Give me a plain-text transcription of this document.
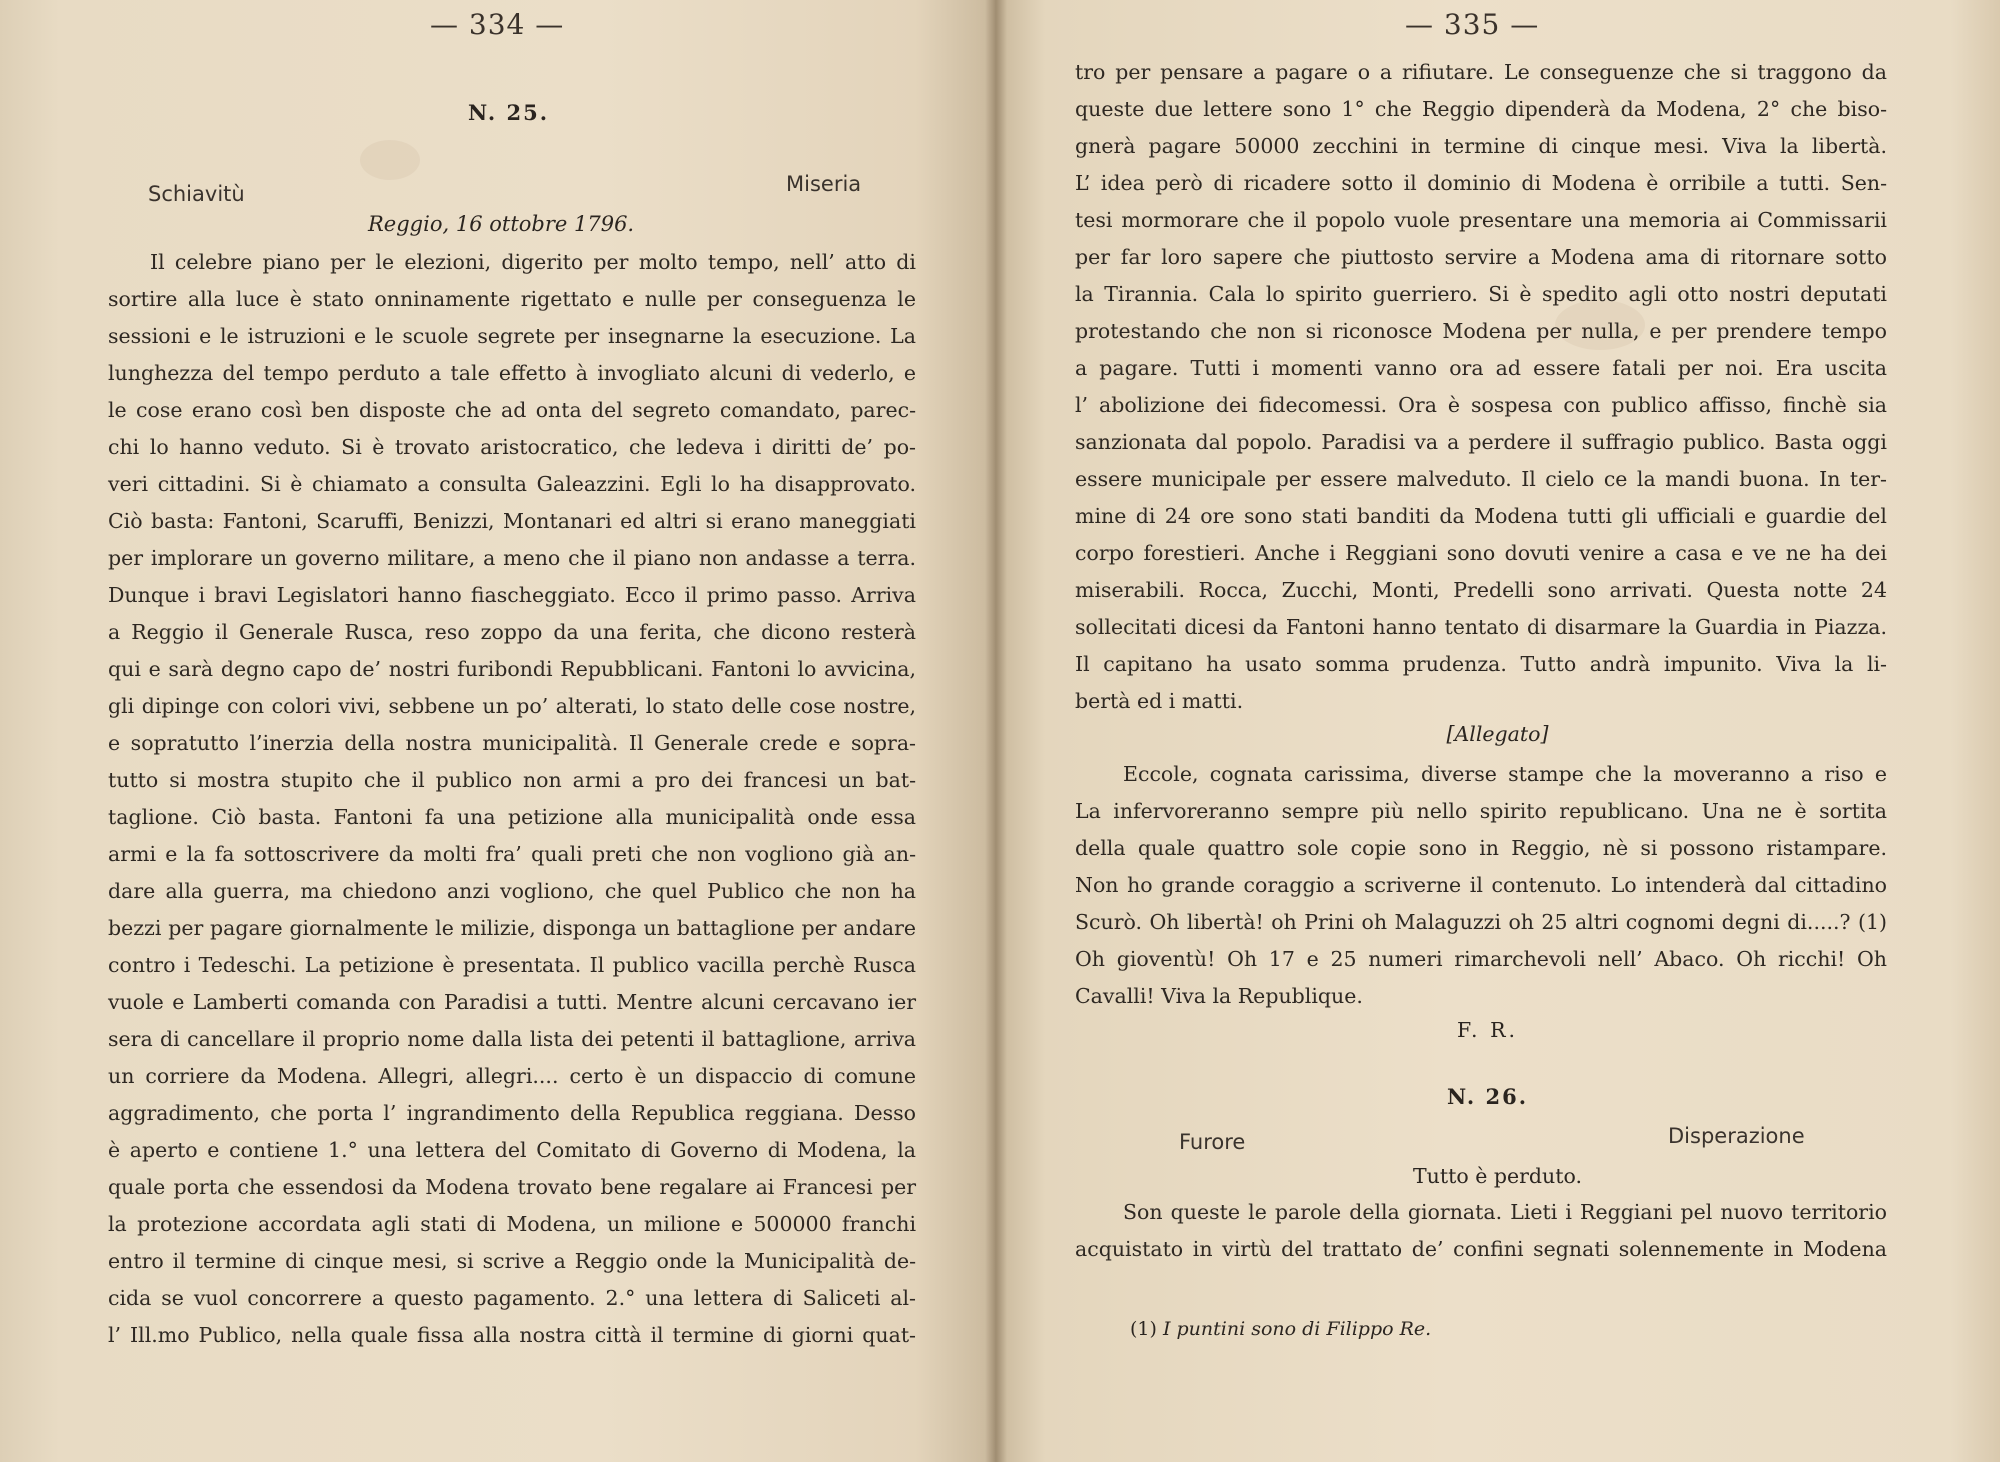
— 334 —
N. 25.
Schiavitù	Miseria
Reggio, 16 ottobre 1796.
Il celebre piano per le elezioni, digerito per molto tempo, nell’ atto di
sortire alla luce è stato onninamente rigettato e nulle per conseguenza le
sessioni e le istruzioni e le scuole segrete per insegnarne la esecuzione. La
lunghezza del tempo perduto a tale effetto à invogliato alcuni di vederlo, e
le cose erano così ben disposte che ad onta del segreto comandato, parec-
chi lo hanno veduto. Si è trovato aristocratico, che ledeva i diritti de’ po-
veri cittadini. Si è chiamato a consulta Galeazzini. Egli lo ha disapprovato.
Ciò basta: Fantoni, Scaruffi, Benizzi, Montanari ed altri si erano maneggiati
per implorare un governo militare, a meno che il piano non andasse a terra.
Dunque i bravi Legislatori hanno fiascheggiato. Ecco il primo passo. Arriva
a Reggio il Generale Rusca, reso zoppo da una ferita, che dicono resterà
qui e sarà degno capo de’ nostri furibondi Repubblicani. Fantoni lo avvicina,
gli dipinge con colori vivi, sebbene un po’ alterati, lo stato delle cose nostre,
e sopratutto l’inerzia della nostra municipalità. Il Generale crede e sopra-
tutto si mostra stupito che il publico non armi a pro dei francesi un bat-
taglione. Ciò basta. Fantoni fa una petizione alla municipalità onde essa
armi e la fa sottoscrivere da molti fra’ quali preti che non vogliono già an-
dare alla guerra, ma chiedono anzi vogliono, che quel Publico che non ha
bezzi per pagare giornalmente le milizie, disponga un battaglione per andare
contro i Tedeschi. La petizione è presentata. Il publico vacilla perchè Rusca
vuole e Lamberti comanda con Paradisi a tutti. Mentre alcuni cercavano ier
sera di cancellare il proprio nome dalla lista dei petenti il battaglione, arriva
un corriere da Modena. Allegri, allegri.... certo è un dispaccio di comune
aggradimento, che porta l’ ingrandimento della Republica reggiana. Desso
è aperto e contiene 1.° una lettera del Comitato di Governo di Modena, la
quale porta che essendosi da Modena trovato bene regalare ai Francesi per
la protezione accordata agli stati di Modena, un milione e 500000 franchi
entro il termine di cinque mesi, si scrive a Reggio onde la Municipalità de-
cida se vuol concorrere a questo pagamento. 2.° una lettera di Saliceti al-
l’ Ill.mo Publico, nella quale fissa alla nostra città il termine di giorni quat-
— 335 —
tro per pensare a pagare o a rifiutare. Le conseguenze che si traggono da
queste due lettere sono 1° che Reggio dipenderà da Modena, 2° che biso-
gnerà pagare 50000 zecchini in termine di cinque mesi. Viva la libertà.
L’ idea però di ricadere sotto il dominio di Modena è orribile a tutti. Sen-
tesi mormorare che il popolo vuole presentare una memoria ai Commissarii
per far loro sapere che piuttosto servire a Modena ama di ritornare sotto
la Tirannia. Cala lo spirito guerriero. Si è spedito agli otto nostri deputati
protestando che non si riconosce Modena per nulla, e per prendere tempo
a pagare. Tutti i momenti vanno ora ad essere fatali per noi. Era uscita
l’ abolizione dei fidecomessi. Ora è sospesa con publico affisso, finchè sia
sanzionata dal popolo. Paradisi va a perdere il suffragio publico. Basta oggi
essere municipale per essere malveduto. Il cielo ce la mandi buona. In ter-
mine di 24 ore sono stati banditi da Modena tutti gli ufficiali e guardie del
corpo forestieri. Anche i Reggiani sono dovuti venire a casa e ve ne ha dei
miserabili. Rocca, Zucchi, Monti, Predelli sono arrivati. Questa notte 24
sollecitati dicesi da Fantoni hanno tentato di disarmare la Guardia in Piazza.
Il capitano ha usato somma prudenza. Tutto andrà impunito. Viva la li-
bertà ed i matti.
[Allegato]
Eccole, cognata carissima, diverse stampe che la moveranno a riso e
La infervoreranno sempre più nello spirito republicano. Una ne è sortita
della quale quattro sole copie sono in Reggio, nè si possono ristampare.
Non ho grande coraggio a scriverne il contenuto. Lo intenderà dal cittadino
Scurò. Oh libertà! oh Prini oh Malaguzzi oh 25 altri cognomi degni di.....? (1)
Oh gioventù! Oh 17 e 25 numeri rimarchevoli nell’ Abaco. Oh ricchi! Oh
Cavalli! Viva la Republique.
F. R.
N. 26.
Furore	Disperazione
Tutto è perduto.
Son queste le parole della giornata. Lieti i Reggiani pel nuovo territorio
acquistato in virtù del trattato de’ confini segnati solennemente in Modena
(1) I puntini sono di Filippo Re.
